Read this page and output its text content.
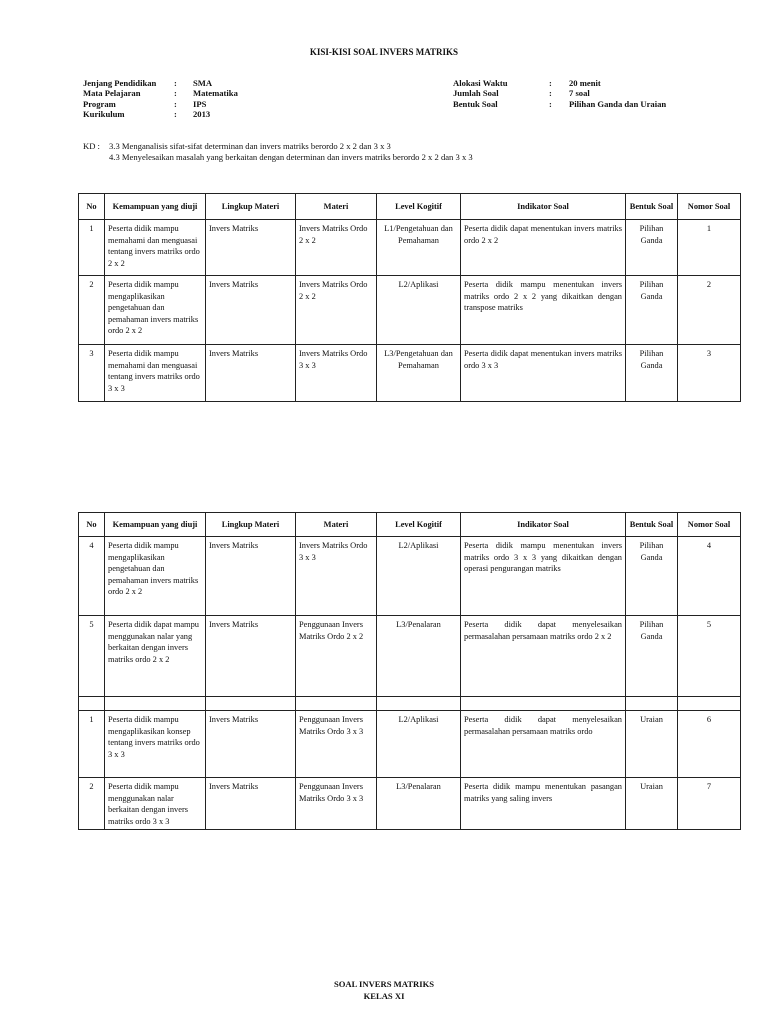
KISI-KISI SOAL INVERS MATRIKS
Jenjang Pendidikan	:	SMA
Mata Pelajaran	:	Matematika
Program	:	IPS
Kurikulum	:	2013
Alokasi Waktu	:	20 menit
Jumlah Soal	:	7 soal
Bentuk Soal	:	Pilihan Ganda dan Uraian
KD :	3.3 Menganalisis sifat-sifat determinan dan invers matriks berordo 2 x 2 dan 3 x 3
4.3 Menyelesaikan masalah yang berkaitan dengan determinan dan invers matriks berordo 2 x 2 dan 3 x 3
No	Kemampuan yang diuji	Lingkup Materi	Materi	Level Kogitif	Indikator Soal	Bentuk Soal	Nomor Soal
1	Peserta didik mampu memahami dan menguasai tentang invers matriks ordo 2 x 2	Invers Matriks	Invers Matriks Ordo 2 x 2	L1/Pengetahuan dan Pemahaman	Peserta didik dapat menentukan invers matriks ordo 2 x 2	Pilihan Ganda	1
2	Peserta didik mampu mengaplikasikan pengetahuan dan pemahaman invers matriks ordo 2 x 2	Invers Matriks	Invers Matriks Ordo 2 x 2	L2/Aplikasi	Peserta didik mampu menentukan invers matriks ordo 2 x 2 yang dikaitkan dengan transpose matriks	Pilihan Ganda	2
3	Peserta didik mampu memahami dan menguasai tentang invers matriks ordo 3 x 3	Invers Matriks	Invers Matriks Ordo 3 x 3	L3/Pengetahuan dan Pemahaman	Peserta didik dapat menentukan invers matriks ordo 3 x 3	Pilihan Ganda	3
No	Kemampuan yang diuji	Lingkup Materi	Materi	Level Kogitif	Indikator Soal	Bentuk Soal	Nomor Soal
4	Peserta didik mampu mengaplikasikan pengetahuan dan pemahaman invers matriks ordo 2 x 2	Invers Matriks	Invers Matriks Ordo 3 x 3	L2/Aplikasi	Peserta didik mampu menentukan invers matriks ordo 3 x 3 yang dikaitkan dengan operasi pengurangan matriks	Pilihan Ganda	4
5	Peserta didik dapat mampu menggunakan nalar yang berkaitan dengan invers matriks ordo 2 x 2	Invers Matriks	Penggunaan Invers Matriks Ordo 2 x 2	L3/Penalaran	Peserta didik dapat menyelesaikan permasalahan persamaan matriks ordo 2 x 2	Pilihan Ganda	5

1	Peserta didik mampu mengaplikasikan konsep tentang invers matriks ordo 3 x 3	Invers Matriks	Penggunaan Invers Matriks Ordo 3 x 3	L2/Aplikasi	Peserta didik dapat menyelesaikan permasalahan persamaan matriks ordo	Uraian	6
2	Peserta didik mampu menggunakan nalar berkaitan dengan invers matriks ordo 3 x 3	Invers Matriks	Penggunaan Invers Matriks Ordo 3 x 3	L3/Penalaran	Peserta didik mampu menentukan pasangan matriks yang saling invers	Uraian	7
SOAL INVERS MATRIKS
KELAS XI
